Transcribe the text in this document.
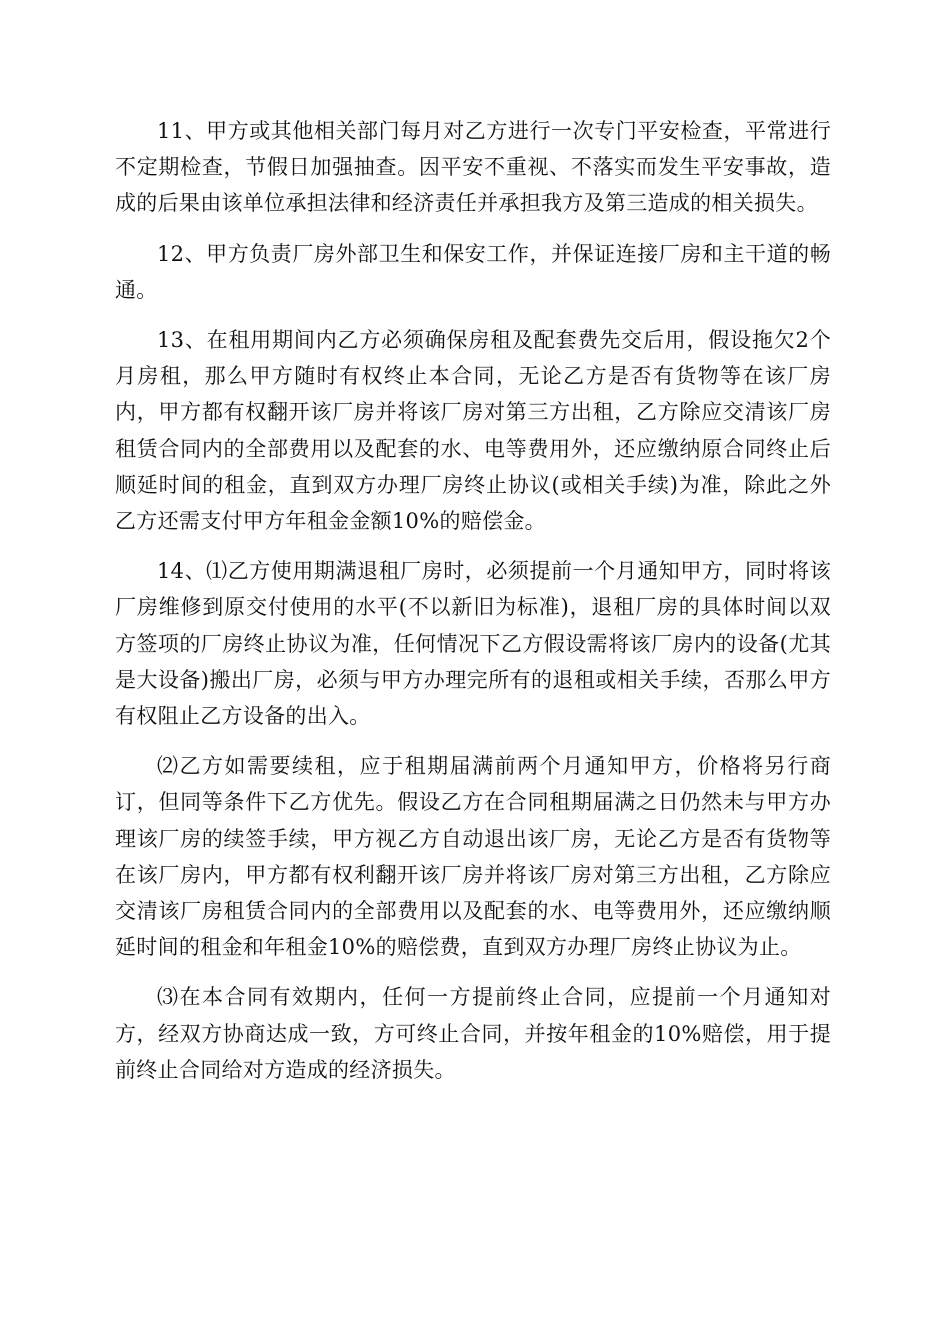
11、甲方或其他相关部门每月对乙方进行一次专门平安检查，平常进行不定期检查，节假日加强抽查。因平安不重视、不落实而发生平安事故，造成的后果由该单位承担法律和经济责任并承担我方及第三造成的相关损失。

12、甲方负责厂房外部卫生和保安工作，并保证连接厂房和主干道的畅通。

13、在租用期间内乙方必须确保房租及配套费先交后用，假设拖欠2个月房租，那么甲方随时有权终止本合同，无论乙方是否有货物等在该厂房内，甲方都有权翻开该厂房并将该厂房对第三方出租，乙方除应交清该厂房租赁合同内的全部费用以及配套的水、电等费用外，还应缴纳原合同终止后顺延时间的租金，直到双方办理厂房终止协议(或相关手续)为准，除此之外乙方还需支付甲方年租金金额10%的赔偿金。

14、⑴乙方使用期满退租厂房时，必须提前一个月通知甲方，同时将该厂房维修到原交付使用的水平(不以新旧为标准)，退租厂房的具体时间以双方签项的厂房终止协议为准，任何情况下乙方假设需将该厂房内的设备(尤其是大设备)搬出厂房，必须与甲方办理完所有的退租或相关手续，否那么甲方有权阻止乙方设备的出入。

⑵乙方如需要续租，应于租期届满前两个月通知甲方，价格将另行商订，但同等条件下乙方优先。假设乙方在合同租期届满之日仍然未与甲方办理该厂房的续签手续，甲方视乙方自动退出该厂房，无论乙方是否有货物等在该厂房内，甲方都有权利翻开该厂房并将该厂房对第三方出租，乙方除应交清该厂房租赁合同内的全部费用以及配套的水、电等费用外，还应缴纳顺延时间的租金和年租金10%的赔偿费，直到双方办理厂房终止协议为止。

⑶在本合同有效期内，任何一方提前终止合同，应提前一个月通知对方，经双方协商达成一致，方可终止合同，并按年租金的10%赔偿，用于提前终止合同给对方造成的经济损失。
